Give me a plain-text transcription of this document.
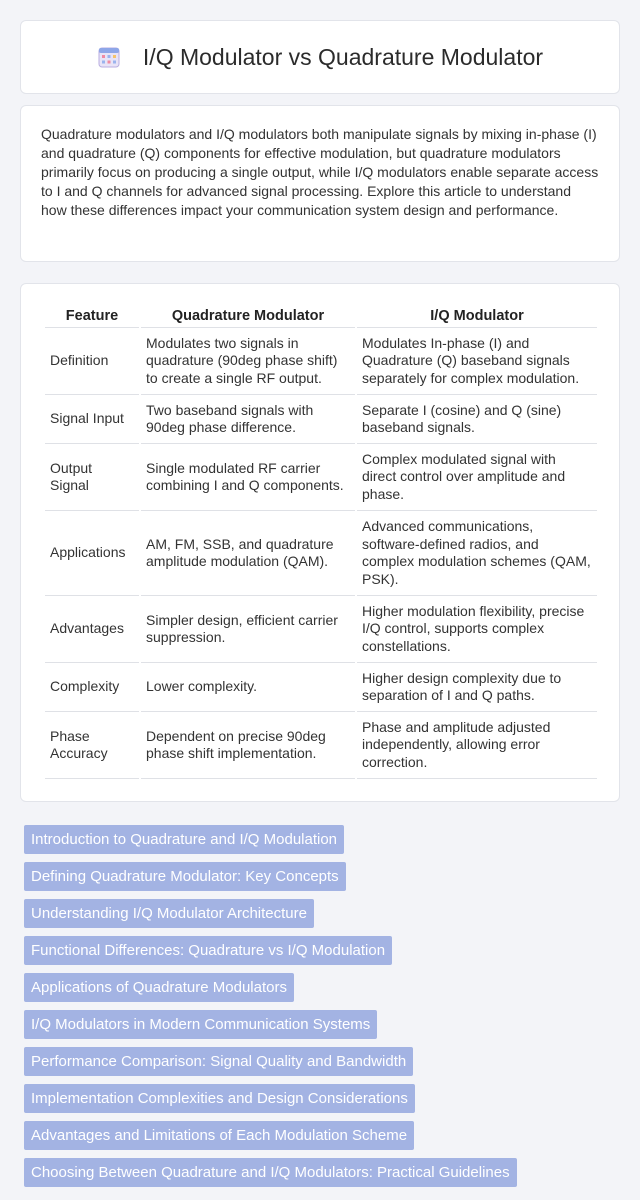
I/Q Modulator vs Quadrature Modulator

Quadrature modulators and I/Q modulators both manipulate signals by mixing in-phase (I) and quadrature (Q) components for effective modulation, but quadrature modulators primarily focus on producing a single output, while I/Q modulators enable separate access to I and Q channels for advanced signal processing. Explore this article to understand how these differences impact your communication system design and performance.

Feature	Quadrature Modulator	I/Q Modulator
Definition	Modulates two signals in quadrature (90deg phase shift) to create a single RF output.	Modulates In-phase (I) and Quadrature (Q) baseband signals separately for complex modulation.
Signal Input	Two baseband signals with 90deg phase difference.	Separate I (cosine) and Q (sine) baseband signals.
Output Signal	Single modulated RF carrier combining I and Q components.	Complex modulated signal with direct control over amplitude and phase.
Applications	AM, FM, SSB, and quadrature amplitude modulation (QAM).	Advanced communications, software-defined radios, and complex modulation schemes (QAM, PSK).
Advantages	Simpler design, efficient carrier suppression.	Higher modulation flexibility, precise I/Q control, supports complex constellations.
Complexity	Lower complexity.	Higher design complexity due to separation of I and Q paths.
Phase Accuracy	Dependent on precise 90deg phase shift implementation.	Phase and amplitude adjusted independently, allowing error correction.
Introduction to Quadrature and I/Q Modulation
Defining Quadrature Modulator: Key Concepts
Understanding I/Q Modulator Architecture
Functional Differences: Quadrature vs I/Q Modulation
Applications of Quadrature Modulators
I/Q Modulators in Modern Communication Systems
Performance Comparison: Signal Quality and Bandwidth
Implementation Complexities and Design Considerations
Advantages and Limitations of Each Modulation Scheme
Choosing Between Quadrature and I/Q Modulators: Practical Guidelines
